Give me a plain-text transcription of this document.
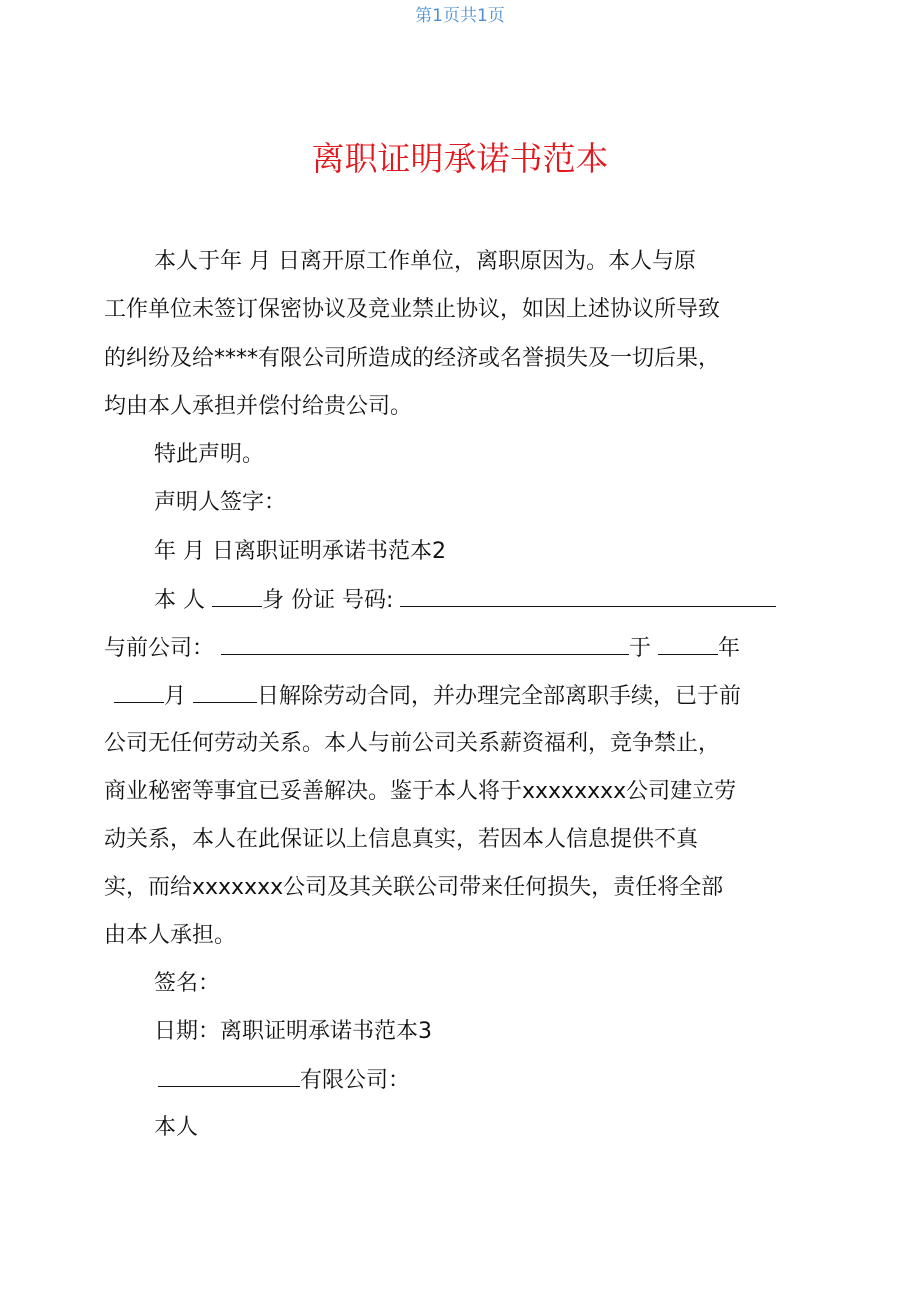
第1页共1页
离职证明承诺书范本
本人于年 月 日离开原工作单位，离职原因为。本人与原
工作单位未签订保密协议及竞业禁止协议，如因上述协议所导致
的纠纷及给****有限公司所造成的经济或名誉损失及一切后果，
均由本人承担并偿付给贵公司。
特此声明。
声明人签字：
年 月 日离职证明承诺书范本2
本 人	身 份证 号码:
与前公司：	于	年
月	日解除劳动合同，并办理完全部离职手续，已于前
公司无任何劳动关系。本人与前公司关系薪资福利，竞争禁止，
商业秘密等事宜已妥善解决。鉴于本人将于xxxxxxxx公司建立劳
动关系，本人在此保证以上信息真实，若因本人信息提供不真
实，而给xxxxxxx公司及其关联公司带来任何损失，责任将全部
由本人承担。
签名：
日期：离职证明承诺书范本3
有限公司：
本人
